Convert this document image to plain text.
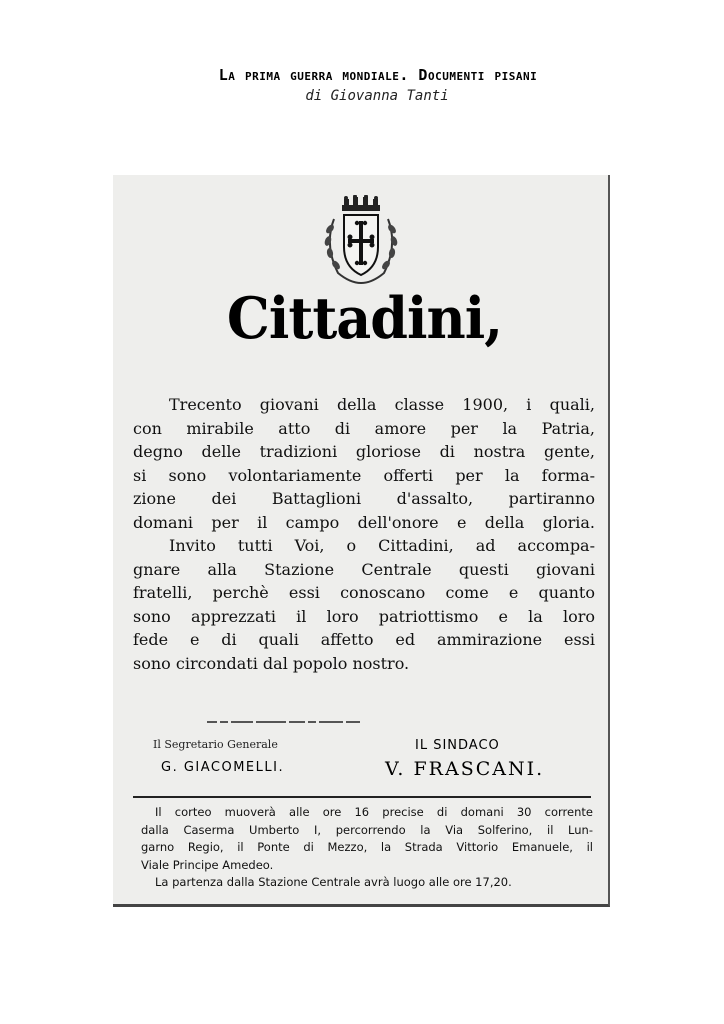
La prima guerra mondiale. Documenti pisani
di Giovanna Tanti
Cittadini,
Trecento giovani della classe 1900, i quali,
con mirabile atto di amore per la Patria,
degno delle tradizioni gloriose di nostra gente,
si sono volontariamente offerti per la forma-
zione dei Battaglioni d'assalto, partiranno
domani per il campo dell'onore e della gloria.
Invito tutti Voi, o Cittadini, ad accompa-
gnare alla Stazione Centrale questi giovani
fratelli, perchè essi conoscano come e quanto
sono apprezzati il loro patriottismo e la loro
fede e di quali affetto ed ammirazione essi
sono circondati dal popolo nostro.
Il Segretario Generale
G. GIACOMELLI.
IL SINDACO
V. FRASCANI.
Il corteo muoverà alle ore 16 precise di domani 30 corrente
dalla Caserma Umberto I, percorrendo la Via Solferino, il Lun-
garno Regio, il Ponte di Mezzo, la Strada Vittorio Emanuele, il
Viale Principe Amedeo.
La partenza dalla Stazione Centrale avrà luogo alle ore 17,20.
